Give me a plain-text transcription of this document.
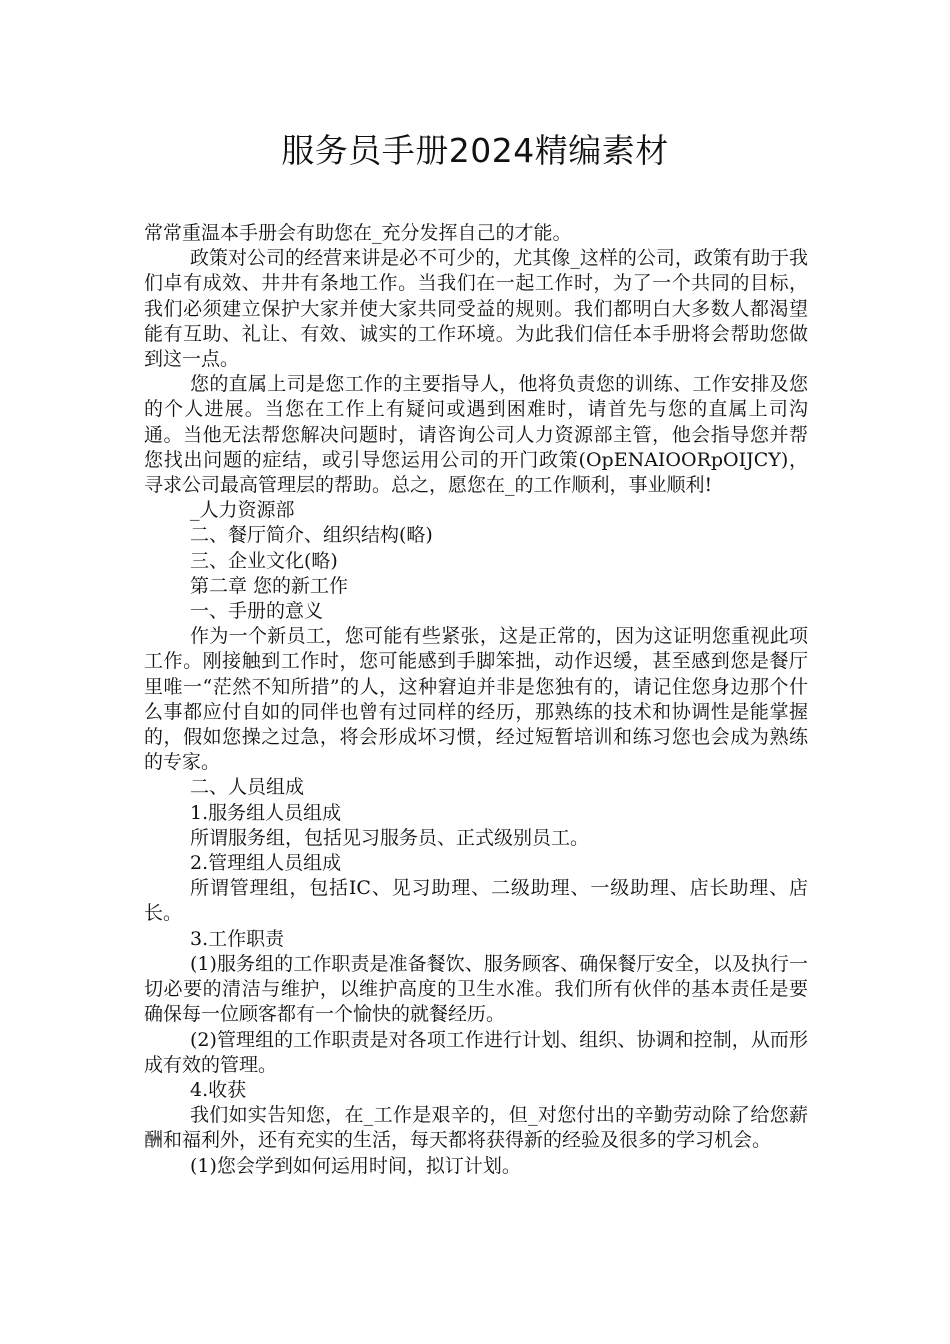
服务员手册2024精编素材

常常重温本手册会有助您在_充分发挥自己的才能。

政策对公司的经营来讲是必不可少的，尤其像_这样的公司，政策有助于我们卓有成效、井井有条地工作。当我们在一起工作时，为了一个共同的目标，我们必须建立保护大家并使大家共同受益的规则。我们都明白大多数人都渴望能有互助、礼让、有效、诚实的工作环境。为此我们信任本手册将会帮助您做到这一点。

您的直属上司是您工作的主要指导人，他将负责您的训练、工作安排及您的个人进展。当您在工作上有疑问或遇到困难时，请首先与您的直属上司沟通。当他无法帮您解决问题时，请咨询公司人力资源部主管，他会指导您并帮您找出问题的症结，或引导您运用公司的开门政策(OpENAIOORpOIJCY)，寻求公司最高管理层的帮助。总之，愿您在_的工作顺利，事业顺利!

_人力资源部

二、餐厅简介、组织结构(略)

三、企业文化(略)

第二章 您的新工作

一、手册的意义

作为一个新员工，您可能有些紧张，这是正常的，因为这证明您重视此项工作。刚接触到工作时，您可能感到手脚笨拙，动作迟缓，甚至感到您是餐厅里唯一“茫然不知所措”的人，这种窘迫并非是您独有的，请记住您身边那个什么事都应付自如的同伴也曾有过同样的经历，那熟练的技术和协调性是能掌握的，假如您操之过急，将会形成坏习惯，经过短暂培训和练习您也会成为熟练的专家。

二、人员组成

1.服务组人员组成

所谓服务组，包括见习服务员、正式级别员工。

2.管理组人员组成

所谓管理组，包括IC、见习助理、二级助理、一级助理、店长助理、店长。

3.工作职责

(1)服务组的工作职责是准备餐饮、服务顾客、确保餐厅安全，以及执行一切必要的清洁与维护，以维护高度的卫生水准。我们所有伙伴的基本责任是要确保每一位顾客都有一个愉快的就餐经历。

(2)管理组的工作职责是对各项工作进行计划、组织、协调和控制，从而形成有效的管理。

4.收获

我们如实告知您，在_工作是艰辛的，但_对您付出的辛勤劳动除了给您薪酬和福利外，还有充实的生活，每天都将获得新的经验及很多的学习机会。

(1)您会学到如何运用时间，拟订计划。
